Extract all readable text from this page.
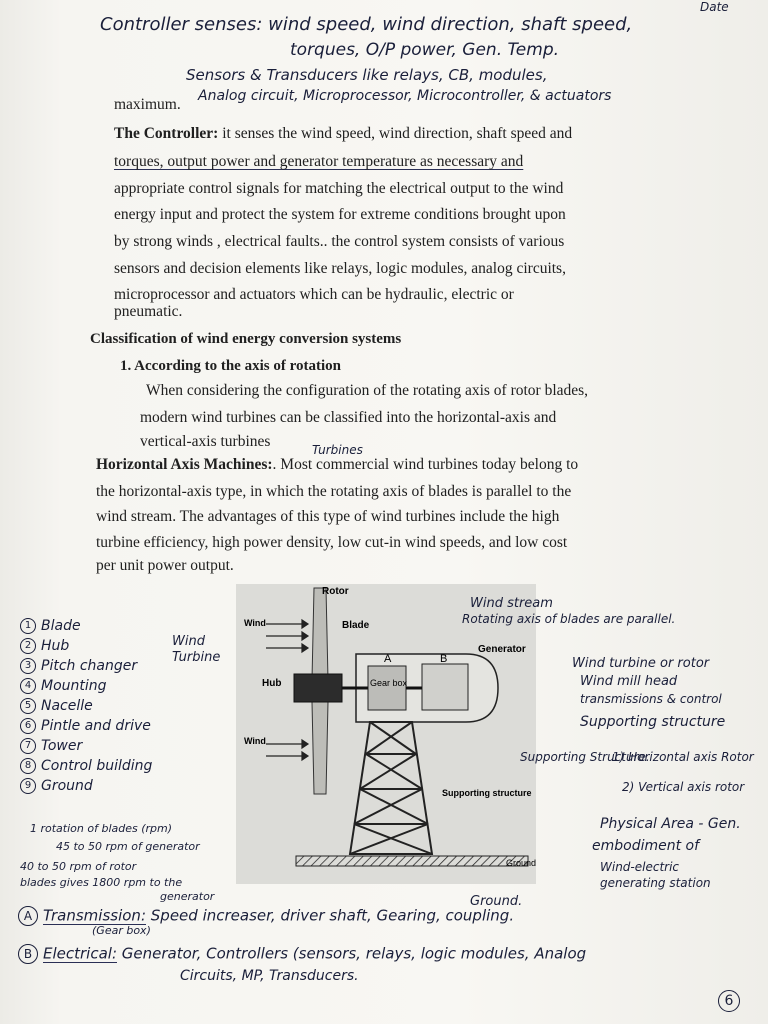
Date
Controller senses: wind speed, wind direction, shaft speed,
torques, O/P power, Gen. Temp.
Sensors & Transducers like relays, CB, modules,
Analog circuit, Microprocessor, Microcontroller, & actuators
maximum.
The Controller: it senses the wind speed, wind direction, shaft speed and
torques, output power and generator temperature as necessary and
appropriate control signals for matching the electrical output to the wind
energy input and protect the system for extreme conditions brought upon
by strong winds , electrical faults.. the control system consists of various
sensors and decision elements like relays, logic modules, analog circuits,
microprocessor and actuators which can be hydraulic, electric or
pneumatic.
Classification of wind energy conversion systems
1. According to the axis of rotation
When considering the configuration of the rotating axis of rotor blades,
modern wind turbines can be classified into the horizontal-axis and
vertical-axis turbines	Turbines
Horizontal Axis Machines:. Most commercial wind turbines today belong to
the horizontal-axis type, in which the rotating axis of blades is parallel to the
wind stream. The advantages of this type of wind turbines include the high
turbine efficiency, high power density, low cut-in wind speeds, and low cost
per unit power output.
Rotor
Blade
Wind
Wind
Hub
Generator
Gear box
Supporting structure
Ground
A	B
Wind stream
Rotating axis of blades are parallel.
Wind turbine or rotor
Wind mill head
transmissions & control
Supporting structure
Supporting Structure.
1) Horizontal axis Rotor
2) Vertical axis rotor
Physical Area - Gen.
embodiment of
Wind-electric
generating station
Ground.
1 Blade
2 Hub
3 Pitch changer
4 Mounting
5 Nacelle
6 Pintle and drive
7 Tower
8 Control building
9 Ground
Wind Turbine
1 rotation of blades (rpm)
45 to 50 rpm of generator
40 to 50 rpm of rotor
blades gives 1800 rpm to the
generator
A Transmission: Speed increaser, driver shaft, Gearing, coupling.
(Gear box)
B Electrical: Generator, Controllers (sensors, relays, logic modules, Analog
Circuits, MP, Transducers.
6
